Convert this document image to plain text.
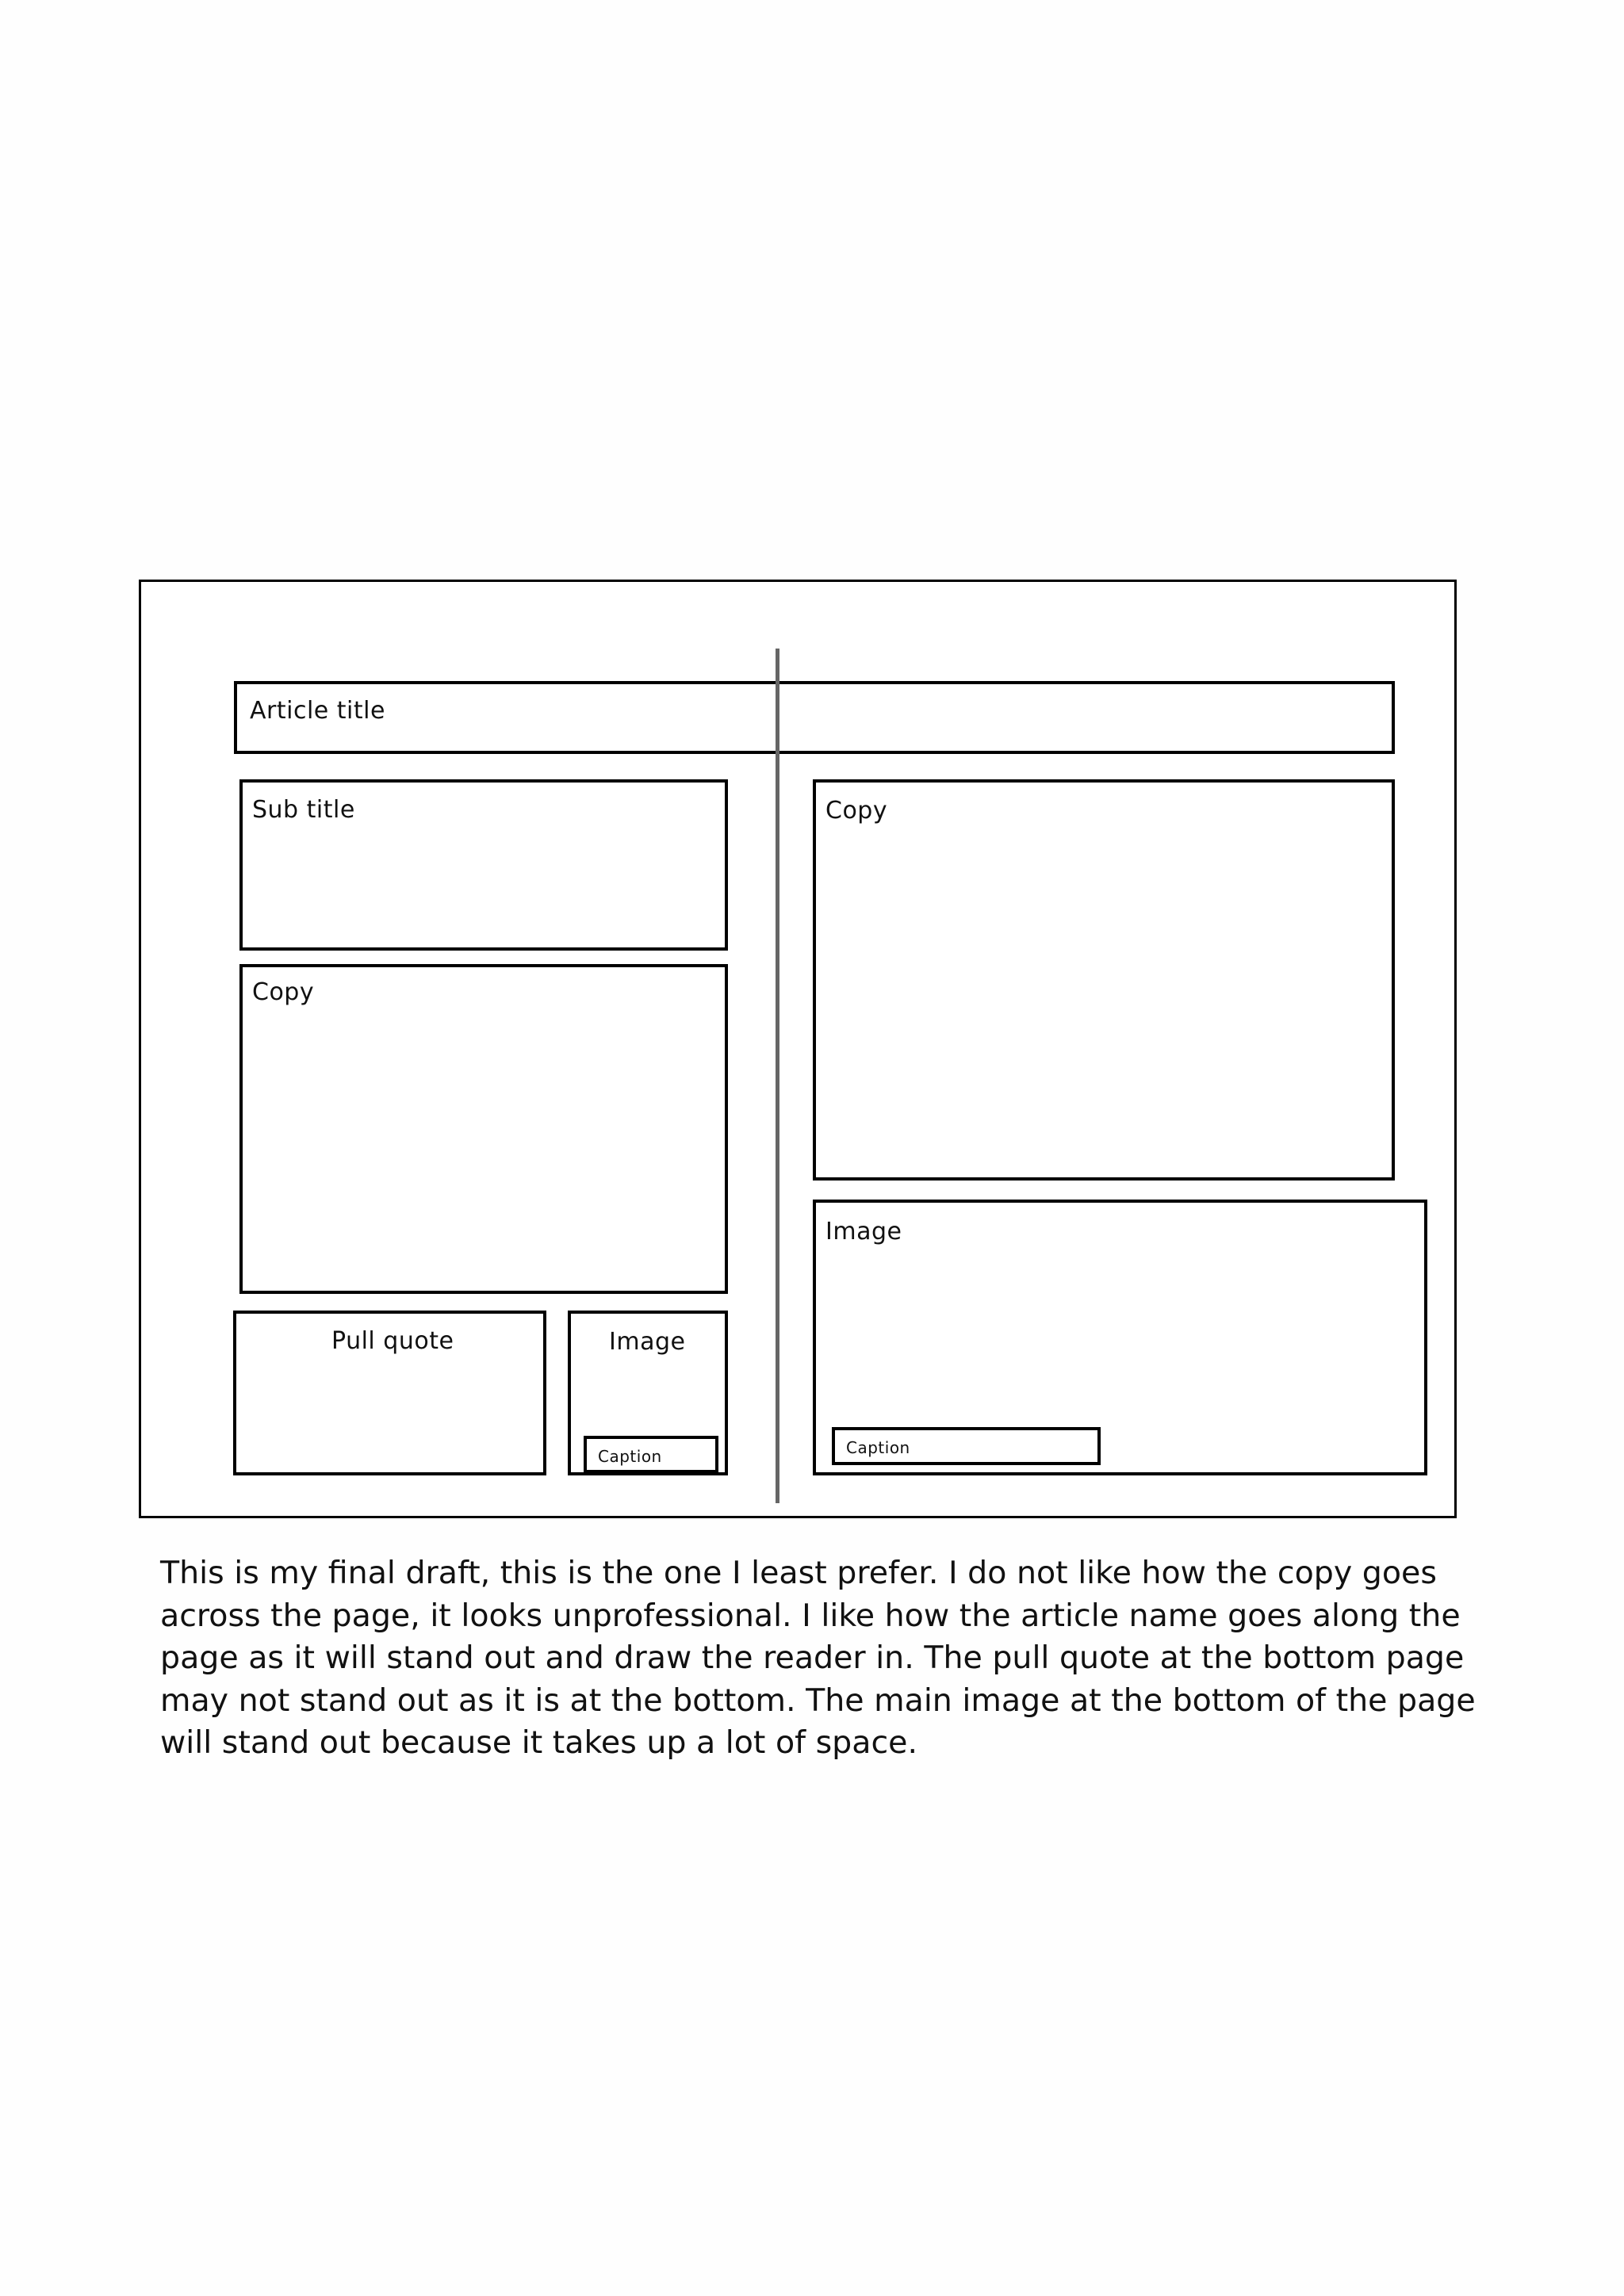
Article title
Sub title
Copy
Pull quote	Image
Caption
Copy
Image
Caption

This is my final draft, this is the one I least prefer. I do not like how the copy goes across the page, it looks unprofessional. I like how the article name goes along the page as it will stand out and draw the reader in. The pull quote at the bottom page may not stand out as it is at the bottom. The main image at the bottom of the page will stand out because it takes up a lot of space.
